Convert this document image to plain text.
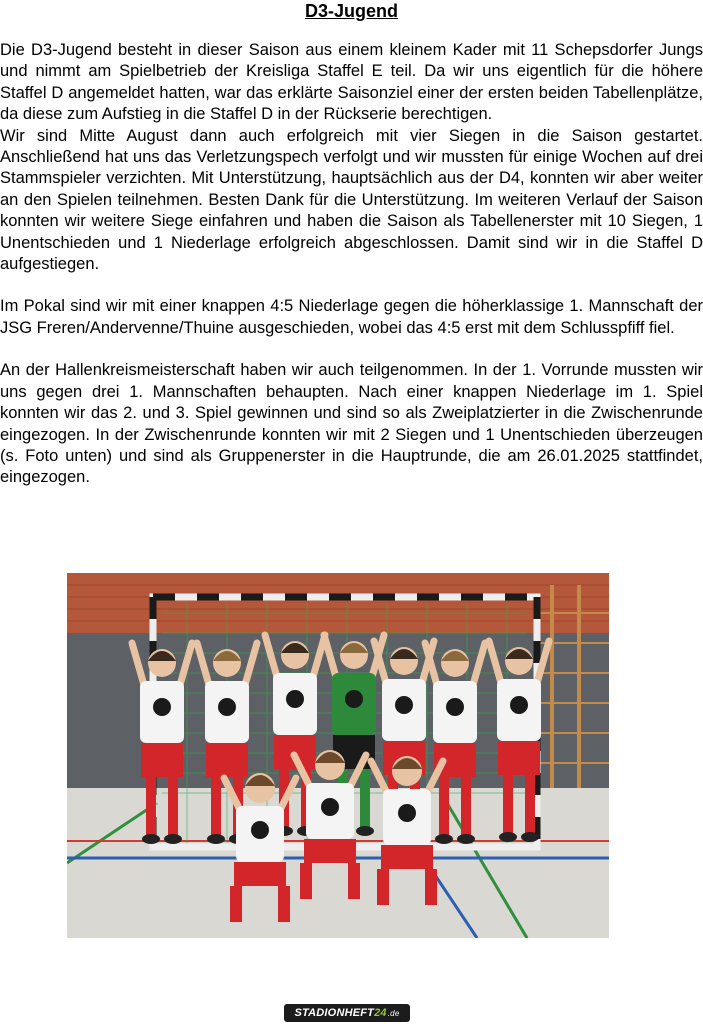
D3-Jugend

Die D3-Jugend besteht in dieser Saison aus einem kleinem Kader mit 11 Schepsdorfer Jungs und nimmt am Spielbetrieb der Kreisliga Staffel E teil. Da wir uns eigentlich für die höhere Staffel D angemeldet hatten, war das erklärte Saisonziel einer der ersten beiden Tabellenplätze, da diese zum Aufstieg in die Staffel D in der Rückserie berechtigen.

Wir sind Mitte August dann auch erfolgreich mit vier Siegen in die Saison gestartet. Anschließend hat uns das Verletzungspech verfolgt und wir mussten für einige Wochen auf drei Stammspieler verzichten. Mit Unterstützung, hauptsächlich aus der D4, konnten wir aber weiter an den Spielen teilnehmen. Besten Dank für die Unterstützung. Im weiteren Verlauf der Saison konnten wir weitere Siege einfahren und haben die Saison als Tabellenerster mit 10 Siegen, 1 Unentschieden und 1 Niederlage erfolgreich abgeschlossen. Damit sind wir in die Staffel D aufgestiegen.

Im Pokal sind wir mit einer knappen 4:5 Niederlage gegen die höherklassige 1. Mannschaft der JSG Freren/Andervenne/Thuine ausgeschieden, wobei das 4:5 erst mit dem Schlusspfiff fiel.

An der Hallenkreismeisterschaft haben wir auch teilgenommen. In der 1. Vorrunde mussten wir uns gegen drei 1. Mannschaften behaupten. Nach einer knappen Niederlage im 1. Spiel konnten wir das 2. und 3. Spiel gewinnen und sind so als Zweiplatzierter in die Zwischenrunde eingezogen. In der Zwischenrunde konnten wir mit 2 Siegen und 1 Unentschieden überzeugen (s. Foto unten) und sind als Gruppenerster in die Hauptrunde, die am 26.01.2025 stattfindet, eingezogen.

STADIONHEFT 24 .de
